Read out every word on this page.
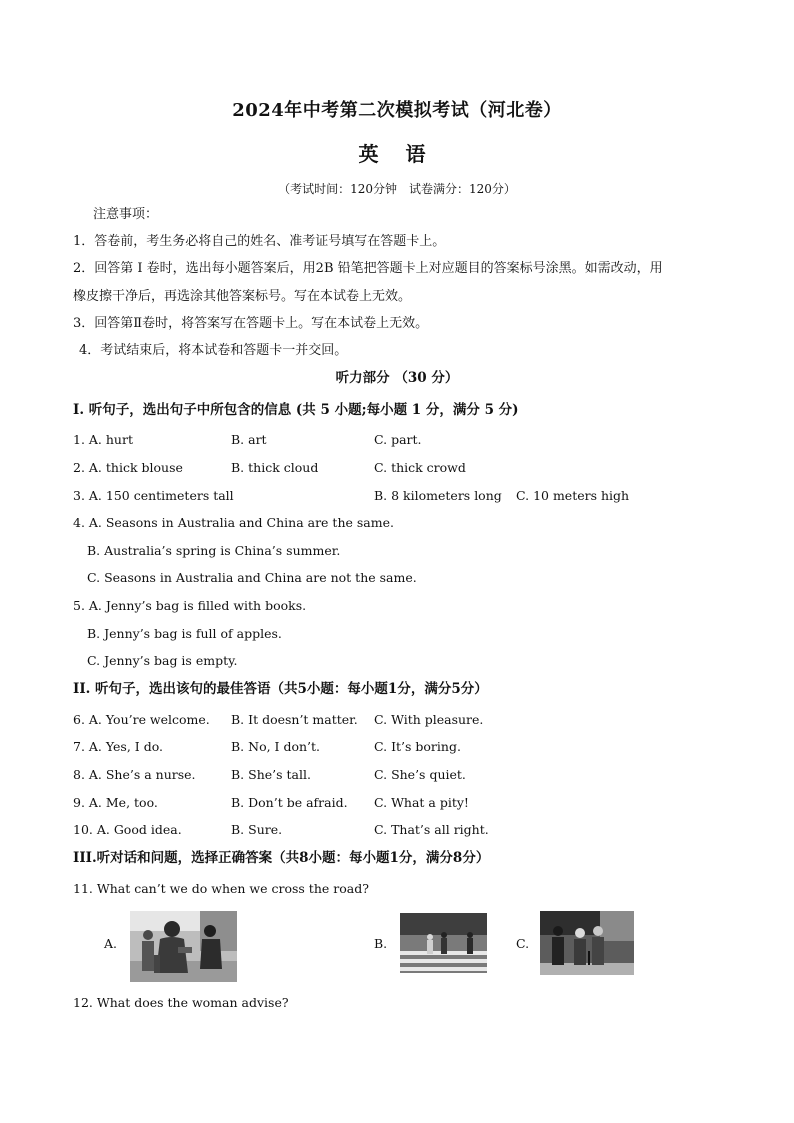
2024年中考第二次模拟考试（河北卷）
英 语
（考试时间：120分钟　试卷满分：120分）
注意事项：
1．答卷前，考生务必将自己的姓名、准考证号填写在答题卡上。
2．回答第 I 卷时，选出每小题答案后，用2B 铅笔把答题卡上对应题目的答案标号涂黑。如需改动，用
橡皮擦干净后，再选涂其他答案标号。写在本试卷上无效。
3．回答第Ⅱ卷时，将答案写在答题卡上。写在本试卷上无效。
4．考试结束后，将本试卷和答题卡一并交回。
听力部分 （30 分）
I. 听句子，选出句子中所包含的信息 (共 5 小题;每小题 1 分，满分 5 分)
1. A. hurt	B. art	C. part.
2. A. thick blouse	B. thick cloud	C. thick crowd
3. A. 150 centimeters tall	B. 8 kilometers long C. 10 meters high
4. A. Seasons in Australia and China are the same.
B. Australia’s spring is China’s summer.
C. Seasons in Australia and China are not the same.
5. A. Jenny’s bag is filled with books.
B. Jenny’s bag is full of apples.
C. Jenny’s bag is empty.
II. 听句子，选出该句的最佳答语（共5小题：每小题1分，满分5分）
6. A. You’re welcome. B. It doesn’t matter. C. With pleasure.
7. A. Yes, I do.	B. No, I don’t.	C. It’s boring.
8. A. She’s a nurse.	B. She’s tall.	C. She’s quiet.
9. A. Me, too.	B. Don’t be afraid. C. What a pity!
10. A. Good idea.	B. Sure.	C. That’s all right.
III.听对话和问题，选择正确答案（共8小题：每小题1分，满分8分）
11. What can’t we do when we cross the road?
A.	B.	C.
12. What does the woman advise?
